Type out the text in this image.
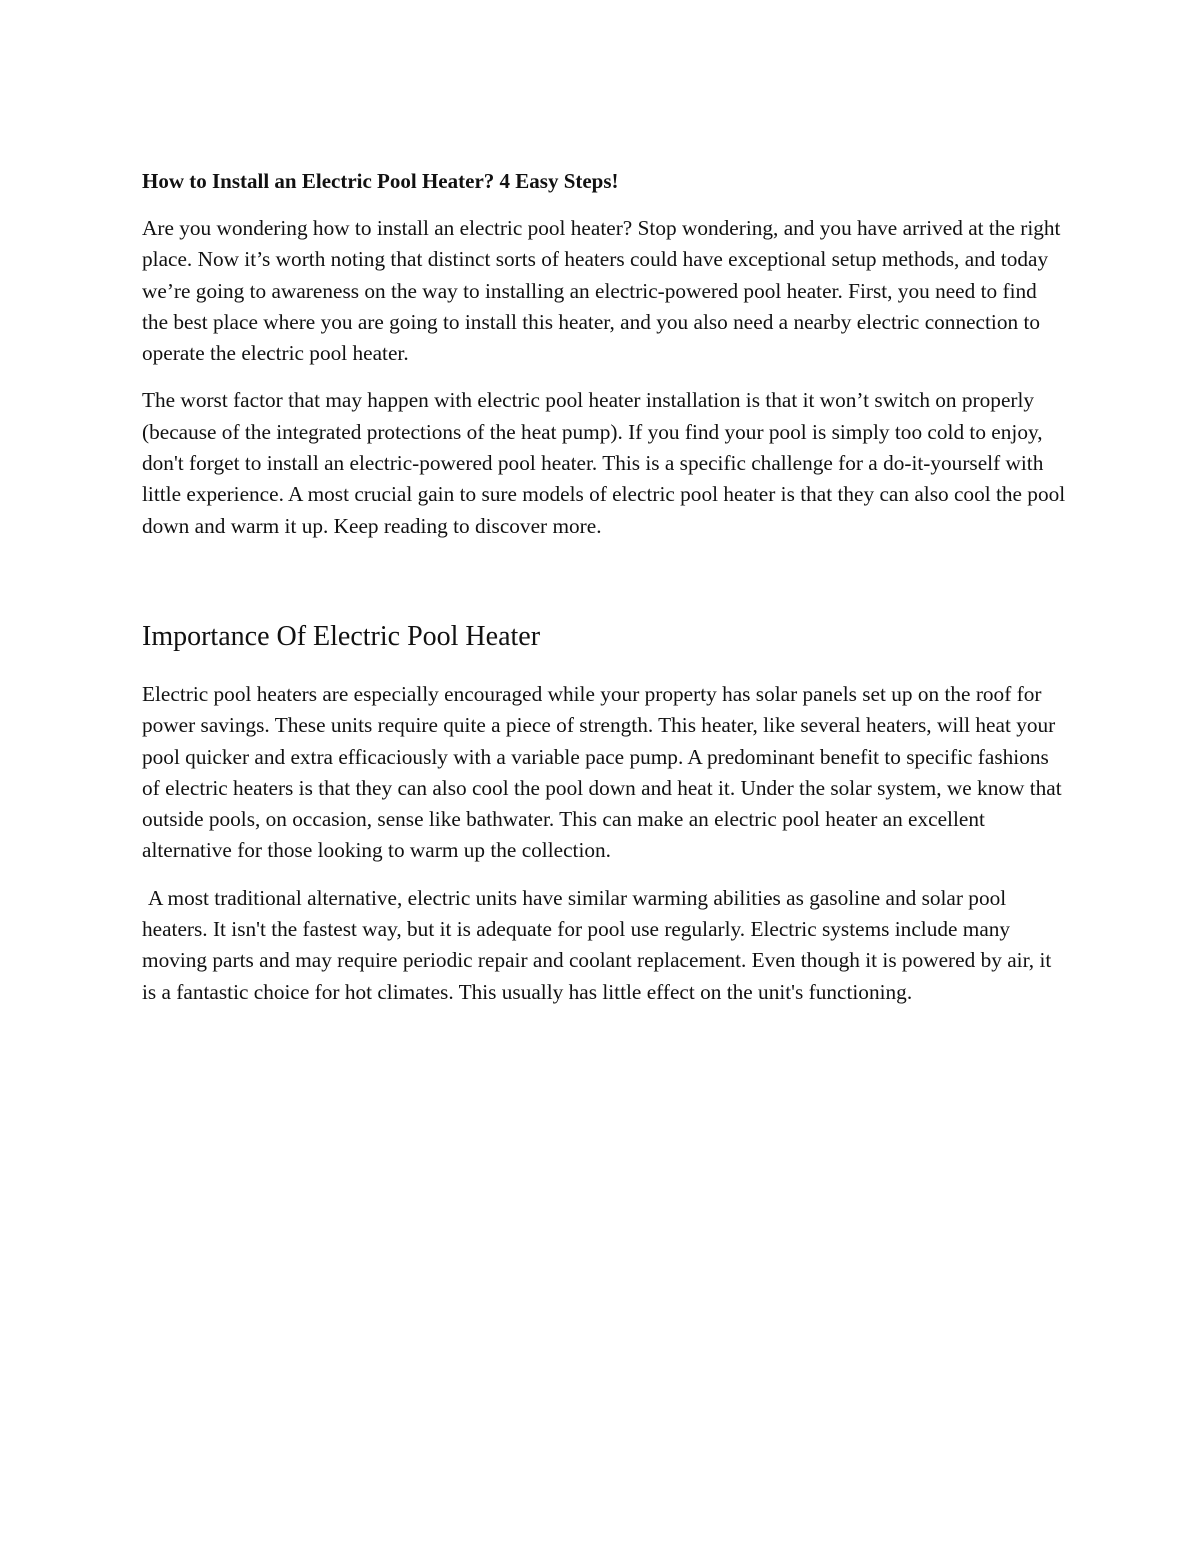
How to Install an Electric Pool Heater? 4 Easy Steps!

Are you wondering how to install an electric pool heater? Stop wondering, and you have arrived at the right place. Now it’s worth noting that distinct sorts of heaters could have exceptional setup methods, and today we’re going to awareness on the way to installing an electric-powered pool heater. First, you need to find the best place where you are going to install this heater, and you also need a nearby electric connection to operate the electric pool heater.

The worst factor that may happen with electric pool heater installation is that it won’t switch on properly (because of the integrated protections of the heat pump). If you find your pool is simply too cold to enjoy, don't forget to install an electric-powered pool heater. This is a specific challenge for a do-it-yourself with little experience. A most crucial gain to sure models of electric pool heater is that they can also cool the pool down and warm it up. Keep reading to discover more.

Importance Of Electric Pool Heater

Electric pool heaters are especially encouraged while your property has solar panels set up on the roof for power savings. These units require quite a piece of strength. This heater, like several heaters, will heat your pool quicker and extra efficaciously with a variable pace pump. A predominant benefit to specific fashions of electric heaters is that they can also cool the pool down and heat it. Under the solar system, we know that outside pools, on occasion, sense like bathwater. This can make an electric pool heater an excellent alternative for those looking to warm up the collection.

A most traditional alternative, electric units have similar warming abilities as gasoline and solar pool heaters. It isn't the fastest way, but it is adequate for pool use regularly. Electric systems include many moving parts and may require periodic repair and coolant replacement. Even though it is powered by air, it is a fantastic choice for hot climates. This usually has little effect on the unit's functioning.
